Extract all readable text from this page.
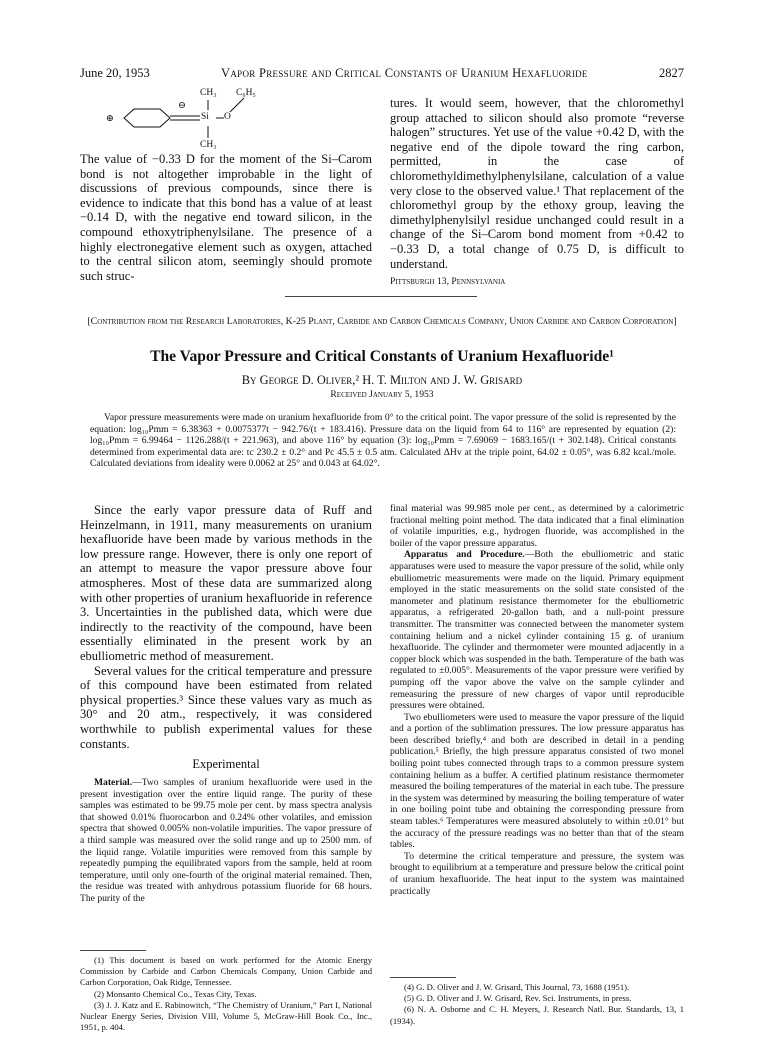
June 20, 1953	Vapor Pressure and Critical Constants of Uranium Hexafluoride	2827
CH₃ C₆H₅
⊖
⊕	Si O
CH₃

The value of −0.33 D for the moment of the Si–Carom bond is not altogether improbable in the light of discussions of previous compounds, since there is evidence to indicate that this bond has a value of at least −0.14 D, with the negative end toward silicon, in the compound ethoxytriphenylsilane. The presence of a highly electronegative element such as oxygen, attached to the central silicon atom, seemingly should promote such struc-

tures. It would seem, however, that the chloromethyl group attached to silicon should also promote “reverse halogen” structures. Yet use of the value +0.42 D, with the negative end of the dipole toward the ring carbon, permitted, in the case of chloromethyldimethylphenylsilane, calculation of a value very close to the observed value.¹ That replacement of the chloromethyl group by the ethoxy group, leaving the dimethylphenylsilyl residue unchanged could result in a change of the Si–Carom bond moment from +0.42 to −0.33 D, a total change of 0.75 D, is difficult to understand.

Pittsburgh 13, Pennsylvania

[Contribution from the Research Laboratories, K-25 Plant, Carbide and Carbon Chemicals Company, Union Carbide and Carbon Corporation]
The Vapor Pressure and Critical Constants of Uranium Hexafluoride¹
By George D. Oliver,² H. T. Milton and J. W. Grisard
Received January 5, 1953

Vapor pressure measurements were made on uranium hexafluoride from 0° to the critical point. The vapor pressure of the solid is represented by the equation: log₁₀Pmm = 6.38363 + 0.0075377t − 942.76/(t + 183.416). Pressure data on the liquid from 64 to 116° are represented by equation (2): log₁₀Pmm = 6.99464 − 1126.288/(t + 221.963), and above 116° by equation (3): log₁₀Pmm = 7.69069 − 1683.165/(t + 302.148). Critical constants determined from experimental data are: tc 230.2 ± 0.2° and Pc 45.5 ± 0.5 atm. Calculated ΔHv at the triple point, 64.02 ± 0.05°, was 6.82 kcal./mole. Calculated deviations from ideality were 0.0062 at 25° and 0.043 at 64.02°.

Since the early vapor pressure data of Ruff and Heinzelmann, in 1911, many measurements on uranium hexafluoride have been made by various methods in the low pressure range. However, there is only one report of an attempt to measure the vapor pressure above four atmospheres. Most of these data are summarized along with other properties of uranium hexafluoride in reference 3. Uncertainties in the published data, which were due indirectly to the reactivity of the compound, have been essentially eliminated in the present work by an ebulliometric method of measurement.

Several values for the critical temperature and pressure of this compound have been estimated from related physical properties.³ Since these values vary as much as 30° and 20 atm., respectively, it was considered worthwhile to publish experimental values for these constants.

Experimental

Material.—Two samples of uranium hexafluoride were used in the present investigation over the entire liquid range. The purity of these samples was estimated to be 99.75 mole per cent. by mass spectra analysis that showed 0.01% fluorocarbon and 0.24% other volatiles, and emission spectra that showed 0.005% non-volatile impurities. The vapor pressure of a third sample was measured over the solid range and up to 2500 mm. of the liquid range. Volatile impurities were removed from this sample by repeatedly pumping the equilibrated vapors from the sample, held at room temperature, until only one-fourth of the original material remained. Then, the residue was treated with anhydrous potassium fluoride for 68 hours. The purity of the

(1) This document is based on work performed for the Atomic Energy Commission by Carbide and Carbon Chemicals Company, Union Carbide and Carbon Corporation, Oak Ridge, Tennessee.

(2) Monsanto Chemical Co., Texas City, Texas.

(3) J. J. Katz and E. Rabinowitch, “The Chemistry of Uranium,” Part I, National Nuclear Energy Series, Division VIII, Volume 5, McGraw-Hill Book Co., Inc., 1951, p. 404.

final material was 99.985 mole per cent., as determined by a calorimetric fractional melting point method. The data indicated that a final elimination of volatile impurities, e.g., hydrogen fluoride, was accomplished in the boiler of the vapor pressure apparatus.

Apparatus and Procedure.—Both the ebulliometric and static apparatuses were used to measure the vapor pressure of the solid, while only ebulliometric measurements were made on the liquid. Primary equipment employed in the static measurements on the solid state consisted of the manometer and platinum resistance thermometer for the ebulliometric apparatus, a refrigerated 20-gallon bath, and a null-point pressure transmitter. The transmitter was connected between the manometer system containing helium and a nickel cylinder containing 15 g. of uranium hexafluoride. The cylinder and thermometer were mounted adjacently in a copper block which was suspended in the bath. Temperature of the bath was regulated to ±0.005°. Measurements of the vapor pressure were verified by pumping off the vapor above the valve on the sample cylinder and remeasuring the pressure of new charges of vapor until reproducible pressures were obtained.

Two ebulliometers were used to measure the vapor pressure of the liquid and a portion of the sublimation pressures. The low pressure apparatus has been described briefly,⁴ and both are described in detail in a pending publication.⁵ Briefly, the high pressure apparatus consisted of two monel boiling point tubes connected through traps to a common pressure system containing helium as a buffer. A certified platinum resistance thermometer measured the boiling temperatures of the material in each tube. The pressure in the system was determined by measuring the boiling temperature of water in one boiling point tube and obtaining the corresponding pressure from steam tables.⁶ Temperatures were measured absolutely to within ±0.01° but the accuracy of the pressure readings was no better than that of the steam tables.

To determine the critical temperature and pressure, the system was brought to equilibrium at a temperature and pressure below the critical point of uranium hexafluoride. The heat input to the system was maintained practically

(4) G. D. Oliver and J. W. Grisard, This Journal, 73, 1688 (1951).

(5) G. D. Oliver and J. W. Grisard, Rev. Sci. Instruments, in press.

(6) N. A. Osborne and C. H. Meyers, J. Research Natl. Bur. Standards, 13, 1 (1934).
